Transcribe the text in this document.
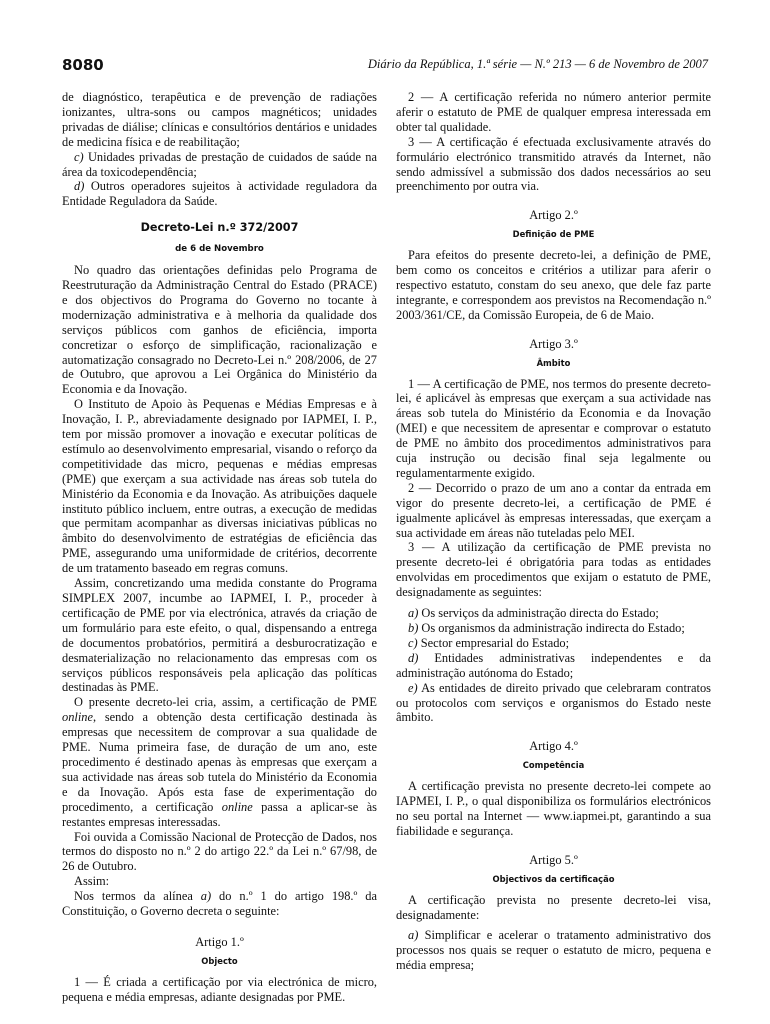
8080	Diário da República, 1.ª série — N.º 213 — 6 de Novembro de 2007

de diagnóstico, terapêutica e de prevenção de radiações ionizantes, ultra-sons ou campos magnéticos; unidades privadas de diálise; clínicas e consultórios dentários e unidades de medicina física e de reabilitação;

c) Unidades privadas de prestação de cuidados de saúde na área da toxicodependência;

d) Outros operadores sujeitos à actividade reguladora da Entidade Reguladora da Saúde.

Decreto-Lei n.º 372/2007
de 6 de Novembro

No quadro das orientações definidas pelo Programa de Reestruturação da Administração Central do Estado (PRACE) e dos objectivos do Programa do Governo no tocante à modernização administrativa e à melhoria da qualidade dos serviços públicos com ganhos de eficiência, importa concretizar o esforço de simplificação, racionalização e automatização consagrado no Decreto-Lei n.º 208/2006, de 27 de Outubro, que aprovou a Lei Orgânica do Ministério da Economia e da Inovação.

O Instituto de Apoio às Pequenas e Médias Empresas e à Inovação, I. P., abreviadamente designado por IAPMEI, I. P., tem por missão promover a inovação e executar políticas de estímulo ao desenvolvimento empresarial, visando o reforço da competitividade das micro, pequenas e médias empresas (PME) que exerçam a sua actividade nas áreas sob tutela do Ministério da Economia e da Inovação. As atribuições daquele instituto público incluem, entre outras, a execução de medidas que permitam acompanhar as diversas iniciativas públicas no âmbito do desenvolvimento de estratégias de eficiência das PME, assegurando uma uniformidade de critérios, decorrente de um tratamento baseado em regras comuns.

Assim, concretizando uma medida constante do Programa SIMPLEX 2007, incumbe ao IAPMEI, I. P., proceder à certificação de PME por via electrónica, através da criação de um formulário para este efeito, o qual, dispensando a entrega de documentos probatórios, permitirá a desburocratização e desmaterialização no relacionamento das empresas com os serviços públicos responsáveis pela aplicação das políticas destinadas às PME.

O presente decreto-lei cria, assim, a certificação de PME online, sendo a obtenção desta certificação destinada às empresas que necessitem de comprovar a sua qualidade de PME. Numa primeira fase, de duração de um ano, este procedimento é destinado apenas às empresas que exerçam a sua actividade nas áreas sob tutela do Ministério da Economia e da Inovação. Após esta fase de experimentação do procedimento, a certificação online passa a aplicar-se às restantes empresas interessadas.

Foi ouvida a Comissão Nacional de Protecção de Dados, nos termos do disposto no n.º 2 do artigo 22.º da Lei n.º 67/98, de 26 de Outubro.

Assim:

Nos termos da alínea a) do n.º 1 do artigo 198.º da Constituição, o Governo decreta o seguinte:

Artigo 1.º
Objecto

1 — É criada a certificação por via electrónica de micro, pequena e média empresas, adiante designadas por PME.

2 — A certificação referida no número anterior permite aferir o estatuto de PME de qualquer empresa interessada em obter tal qualidade.

3 — A certificação é efectuada exclusivamente através do formulário electrónico transmitido através da Internet, não sendo admissível a submissão dos dados necessários ao seu preenchimento por outra via.

Artigo 2.º
Definição de PME

Para efeitos do presente decreto-lei, a definição de PME, bem como os conceitos e critérios a utilizar para aferir o respectivo estatuto, constam do seu anexo, que dele faz parte integrante, e correspondem aos previstos na Recomendação n.º 2003/361/CE, da Comissão Europeia, de 6 de Maio.

Artigo 3.º
Âmbito

1 — A certificação de PME, nos termos do presente decreto-lei, é aplicável às empresas que exerçam a sua actividade nas áreas sob tutela do Ministério da Economia e da Inovação (MEI) e que necessitem de apresentar e comprovar o estatuto de PME no âmbito dos procedimentos administrativos para cuja instrução ou decisão final seja legalmente ou regulamentarmente exigido.

2 — Decorrido o prazo de um ano a contar da entrada em vigor do presente decreto-lei, a certificação de PME é igualmente aplicável às empresas interessadas, que exerçam a sua actividade em áreas não tuteladas pelo MEI.

3 — A utilização da certificação de PME prevista no presente decreto-lei é obrigatória para todas as entidades envolvidas em procedimentos que exijam o estatuto de PME, designadamente as seguintes:

a) Os serviços da administração directa do Estado;

b) Os organismos da administração indirecta do Estado;

c) Sector empresarial do Estado;

d) Entidades administrativas independentes e da administração autónoma do Estado;

e) As entidades de direito privado que celebraram contratos ou protocolos com serviços e organismos do Estado neste âmbito.

Artigo 4.º
Competência

A certificação prevista no presente decreto-lei compete ao IAPMEI, I. P., o qual disponibiliza os formulários electrónicos no seu portal na Internet — www.iapmei.pt, garantindo a sua fiabilidade e segurança.

Artigo 5.º
Objectivos da certificação

A certificação prevista no presente decreto-lei visa, designadamente:

a) Simplificar e acelerar o tratamento administrativo dos processos nos quais se requer o estatuto de micro, pequena e média empresa;
